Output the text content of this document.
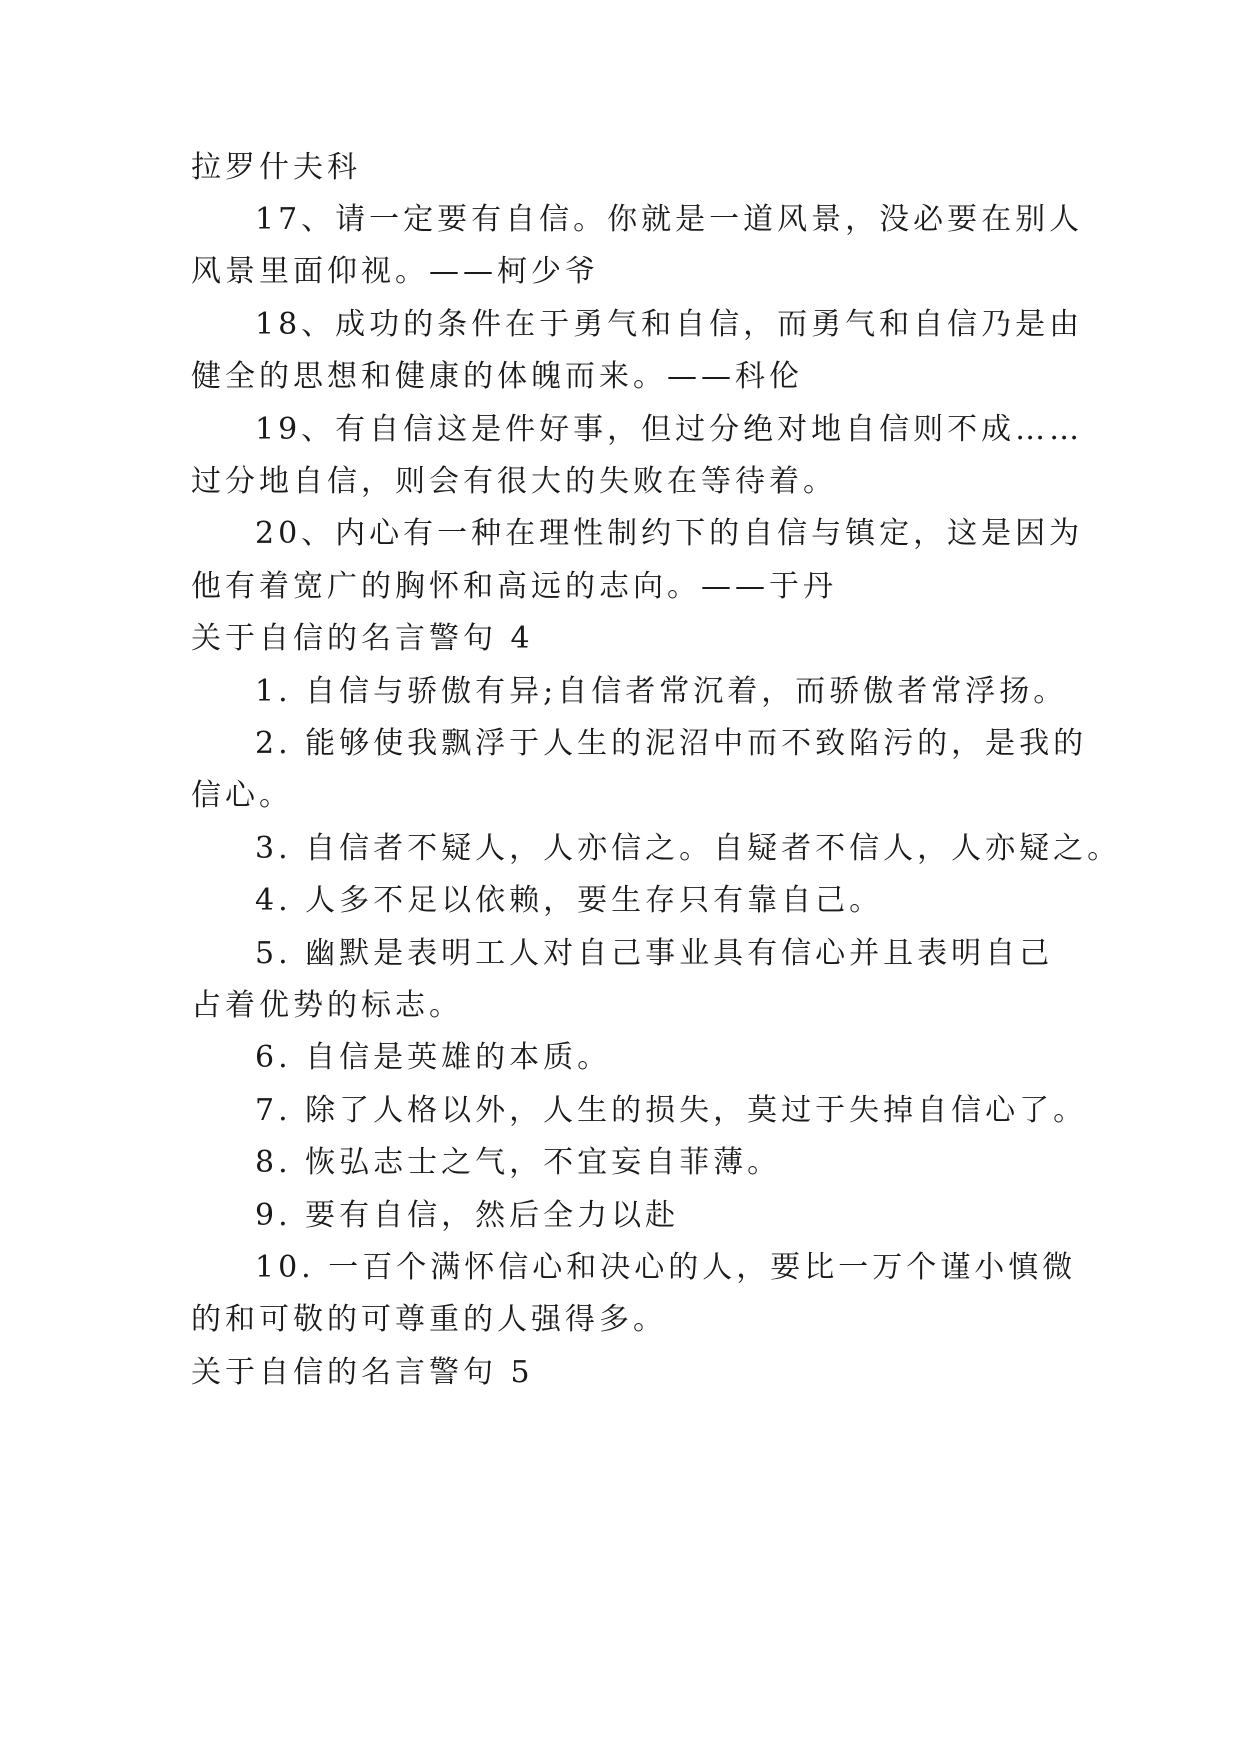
拉罗什夫科
17、请一定要有自信。你就是一道风景，没必要在别人
风景里面仰视。——柯少爷
18、成功的条件在于勇气和自信，而勇气和自信乃是由
健全的思想和健康的体魄而来。——科伦
19、有自信这是件好事，但过分绝对地自信则不成……
过分地自信，则会有很大的失败在等待着。
20、内心有一种在理性制约下的自信与镇定，这是因为
他有着宽广的胸怀和高远的志向。——于丹
关于自信的名言警句 4
1. 自信与骄傲有异;自信者常沉着，而骄傲者常浮扬。
2. 能够使我飘浮于人生的泥沼中而不致陷污的，是我的
信心。
3. 自信者不疑人，人亦信之。自疑者不信人，人亦疑之。
4. 人多不足以依赖，要生存只有靠自己。
5. 幽默是表明工人对自己事业具有信心并且表明自己
占着优势的标志。
6. 自信是英雄的本质。
7. 除了人格以外，人生的损失，莫过于失掉自信心了。
8. 恢弘志士之气，不宜妄自菲薄。
9. 要有自信，然后全力以赴
10. 一百个满怀信心和决心的人，要比一万个谨小慎微
的和可敬的可尊重的人强得多。
关于自信的名言警句 5
